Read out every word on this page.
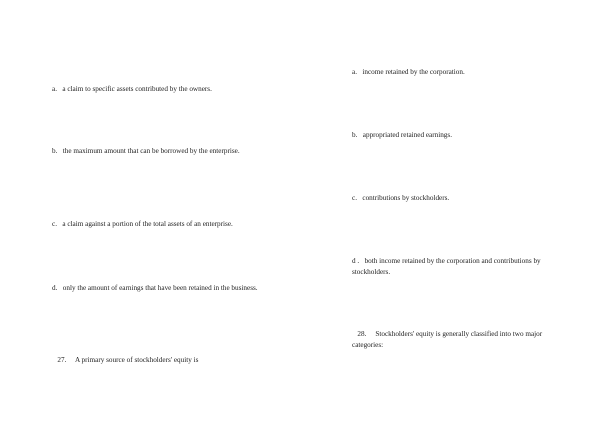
a.   a claim to specific assets contributed by the owners.
b.   the maximum amount that can be borrowed by the enterprise.
c.   a claim against a portion of the total assets of an enterprise.
d.   only the amount of earnings that have been retained in the business.
27.     A primary source of stockholders' equity is
a.   income retained by the corporation.
b.   appropriated retained earnings.
c.   contributions by stockholders.
d .   both income retained by the corporation and contributions by stockholders.
28.     Stockholders' equity is generally classified into two major categories:
